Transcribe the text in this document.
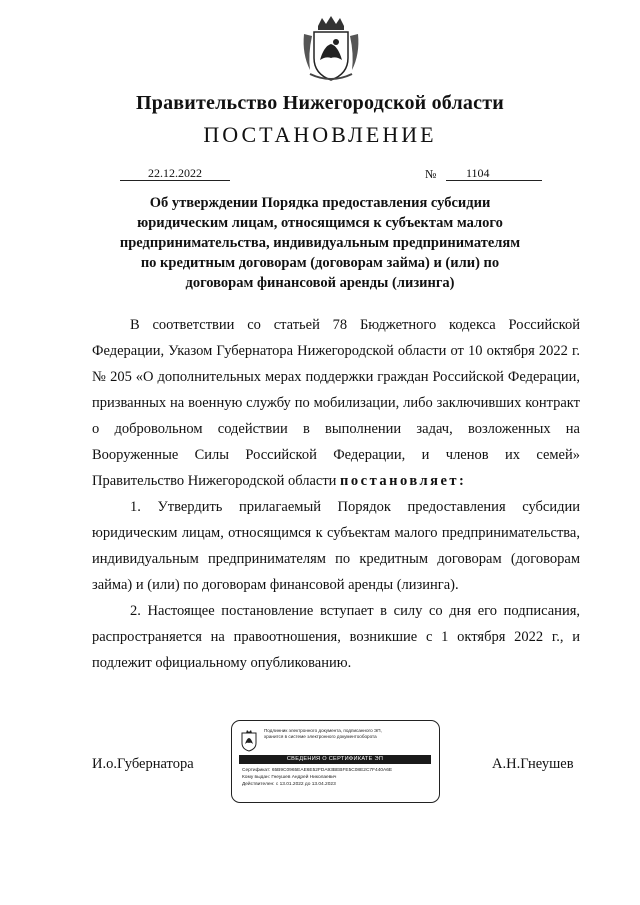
Правительство Нижегородской области
ПОСТАНОВЛЕНИЕ
22.12.2022	№	1104
Об утверждении Порядка предоставления субсидии
юридическим лицам, относящимся к субъектам малого
предпринимательства, индивидуальным предпринимателям
по кредитным договорам (договорам займа) и (или) по
договорам финансовой аренды (лизинга)

В соответствии со статьей 78 Бюджетного кодекса Российской Федерации, Указом Губернатора Нижегородской области от 10 октября 2022 г. № 205 «О дополнительных мерах поддержки граждан Российской Федерации, призванных на военную службу по мобилизации, либо заключивших контракт о добровольном содействии в выполнении задач, возложенных на Вооруженные Силы Российской Федерации, и членов их семей» Правительство Нижегородской области постановляет:

1. Утвердить прилагаемый Порядок предоставления субсидии юридическим лицам, относящимся к субъектам малого предпринимательства, индивидуальным предпринимателям по кредитным договорам (договорам займа) и (или) по договорам финансовой аренды (лизинга).

2. Настоящее постановление вступает в силу со дня его подписания, распространяется на правоотношения, возникшие с 1 октября 2022 г., и подлежит официальному опубликованию.

И.о.Губернатора	А.Н.Гнеушев
Подлинник электронного документа, подписанного ЭП,
хранится в системе электронного документооборота
СВЕДЕНИЯ О СЕРТИФИКАТЕ ЭП
Сертификат: 65B9C0965EAE6E52FDA93BEBFE5C08E2C7F440A6E
Кому выдан: Гнеушев Андрей Николаевич
Действителен: с 13.01.2022 до 13.04.2023
